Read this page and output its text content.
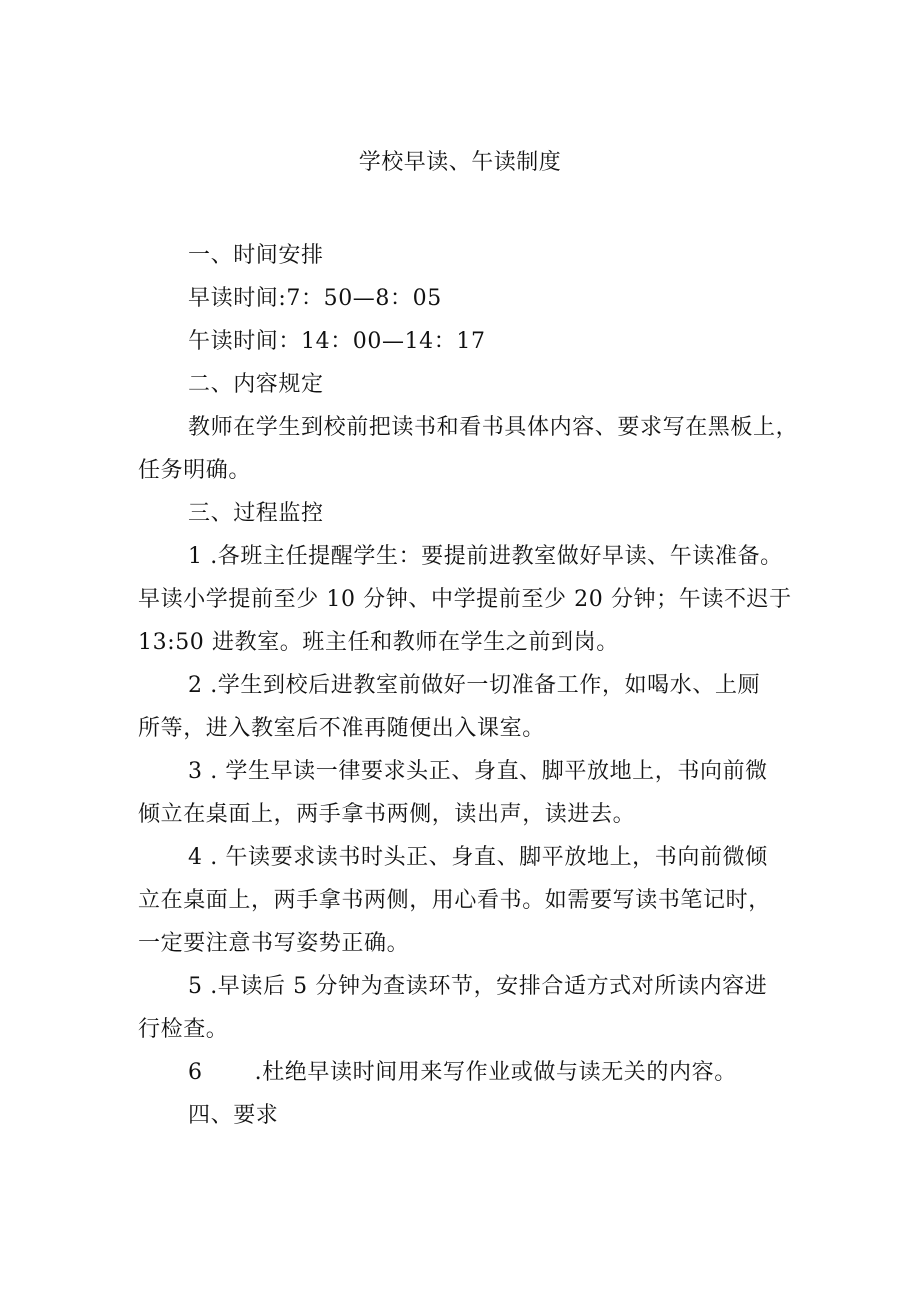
学校早读、午读制度
一、时间安排
早读时间:7：50—8：05
午读时间：14：00—14：17
二、内容规定
教师在学生到校前把读书和看书具体内容、要求写在黑板上，
任务明确。
三、过程监控
1 .各班主任提醒学生：要提前进教室做好早读、午读准备。
早读小学提前至少 10 分钟、中学提前至少 20 分钟；午读不迟于
13:50 进教室。班主任和教师在学生之前到岗。
2 .学生到校后进教室前做好一切准备工作，如喝水、上厕
所等，进入教室后不准再随便出入课室。
3 . 学生早读一律要求头正、身直、脚平放地上，书向前微
倾立在桌面上，两手拿书两侧，读出声，读进去。
4 . 午读要求读书时头正、身直、脚平放地上，书向前微倾
立在桌面上，两手拿书两侧，用心看书。如需要写读书笔记时，
一定要注意书写姿势正确。
5 .早读后 5 分钟为查读环节，安排合适方式对所读内容进
行检查。
6 .杜绝早读时间用来写作业或做与读无关的内容。
四、要求
